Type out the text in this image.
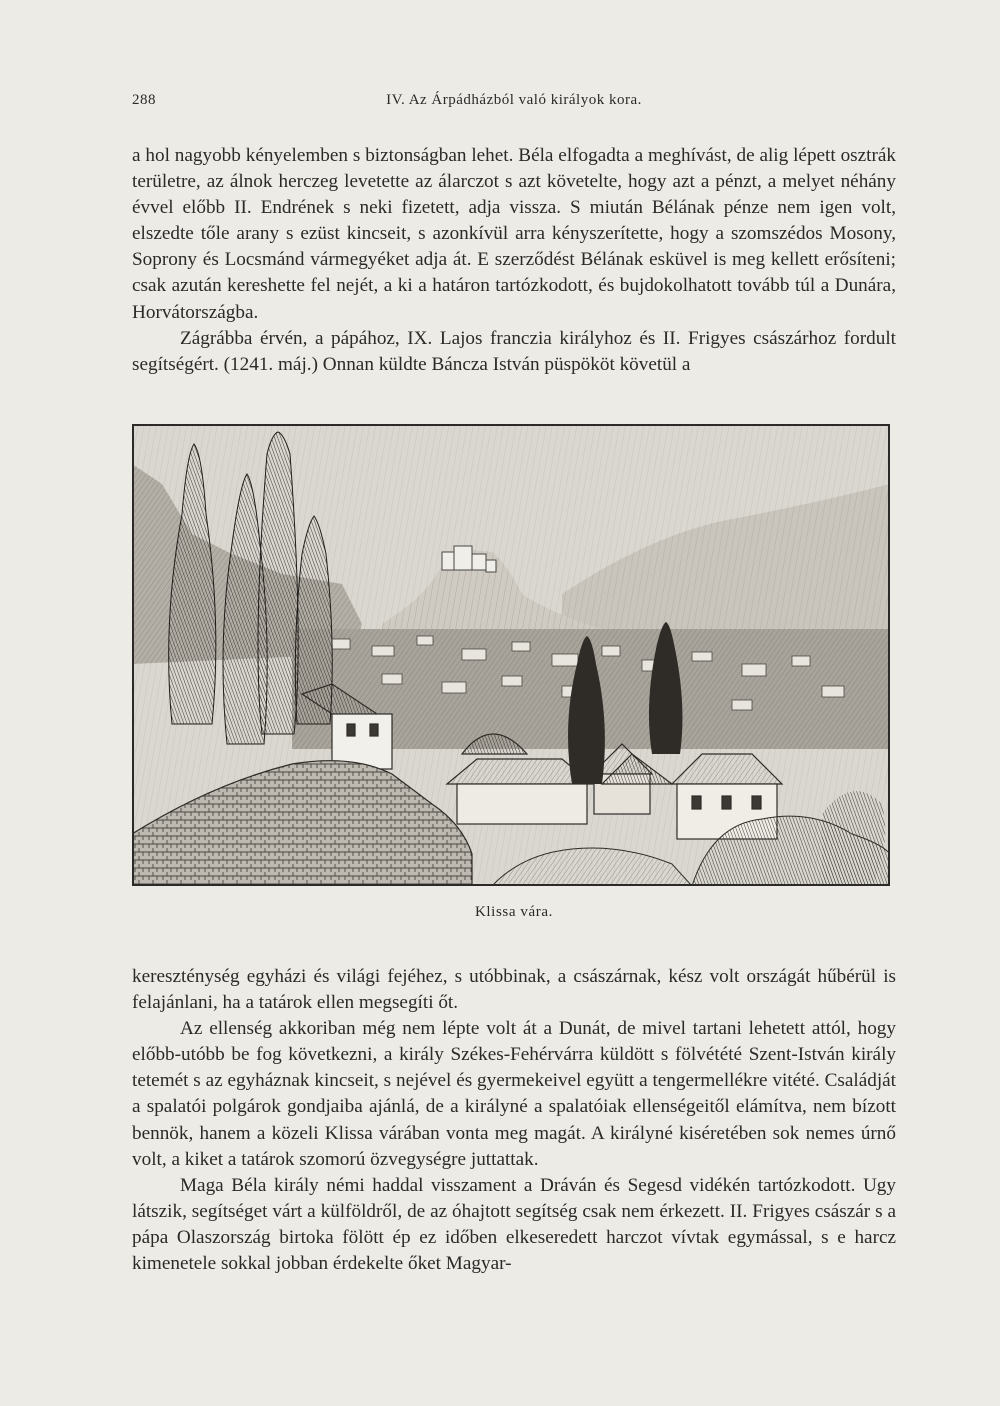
288	IV. Az Árpádházból való királyok kora.

a hol nagyobb kényelemben s biztonságban lehet. Béla elfogadta a meghívást, de alig lépett osztrák területre, az álnok herczeg levetette az álarczot s azt követelte, hogy azt a pénzt, a melyet néhány évvel előbb II. Endrének s neki fizetett, adja vissza. S miután Bélának pénze nem igen volt, elszedte tőle arany s ezüst kincseit, s azonkívül arra kényszerítette, hogy a szomszédos Mosony, Soprony és Locsmánd vármegyéket adja át. E szerződést Bélának esküvel is meg kellett erősíteni; csak azután kereshette fel nejét, a ki a határon tartózkodott, és bujdokolhatott tovább túl a Dunára, Horvátországba.

Zágrábba érvén, a pápához, IX. Lajos franczia királyhoz és II. Frigyes császárhoz fordult segítségért. (1241. máj.) Onnan küldte Báncza István püspököt követül a

Klissa vára.

kereszténység egyházi és világi fejéhez, s utóbbinak, a császárnak, kész volt országát hűbérül is felajánlani, ha a tatárok ellen megsegíti őt.

Az ellenség akkoriban még nem lépte volt át a Dunát, de mivel tartani lehetett attól, hogy előbb-utóbb be fog következni, a király Székes-Fehérvárra küldött s fölvétété Szent-István király tetemét s az egyháznak kincseit, s nejével és gyermekeivel együtt a tengermellékre vitété. Családját a spalatói polgárok gondjaiba ajánlá, de a királyné a spalatóiak ellenségeitől elámítva, nem bízott bennök, hanem a közeli Klissa várában vonta meg magát. A királyné kiséretében sok nemes úrnő volt, a kiket a tatárok szomorú özvegységre juttattak.

Maga Béla király némi haddal visszament a Dráván és Segesd vidékén tartózkodott. Ugy látszik, segítséget várt a külföldről, de az óhajtott segítség csak nem érkezett. II. Frigyes császár s a pápa Olaszország birtoka fölött ép ez időben elkeseredett harczot vívtak egymással, s e harcz kimenetele sokkal jobban érdekelte őket Magyar-
